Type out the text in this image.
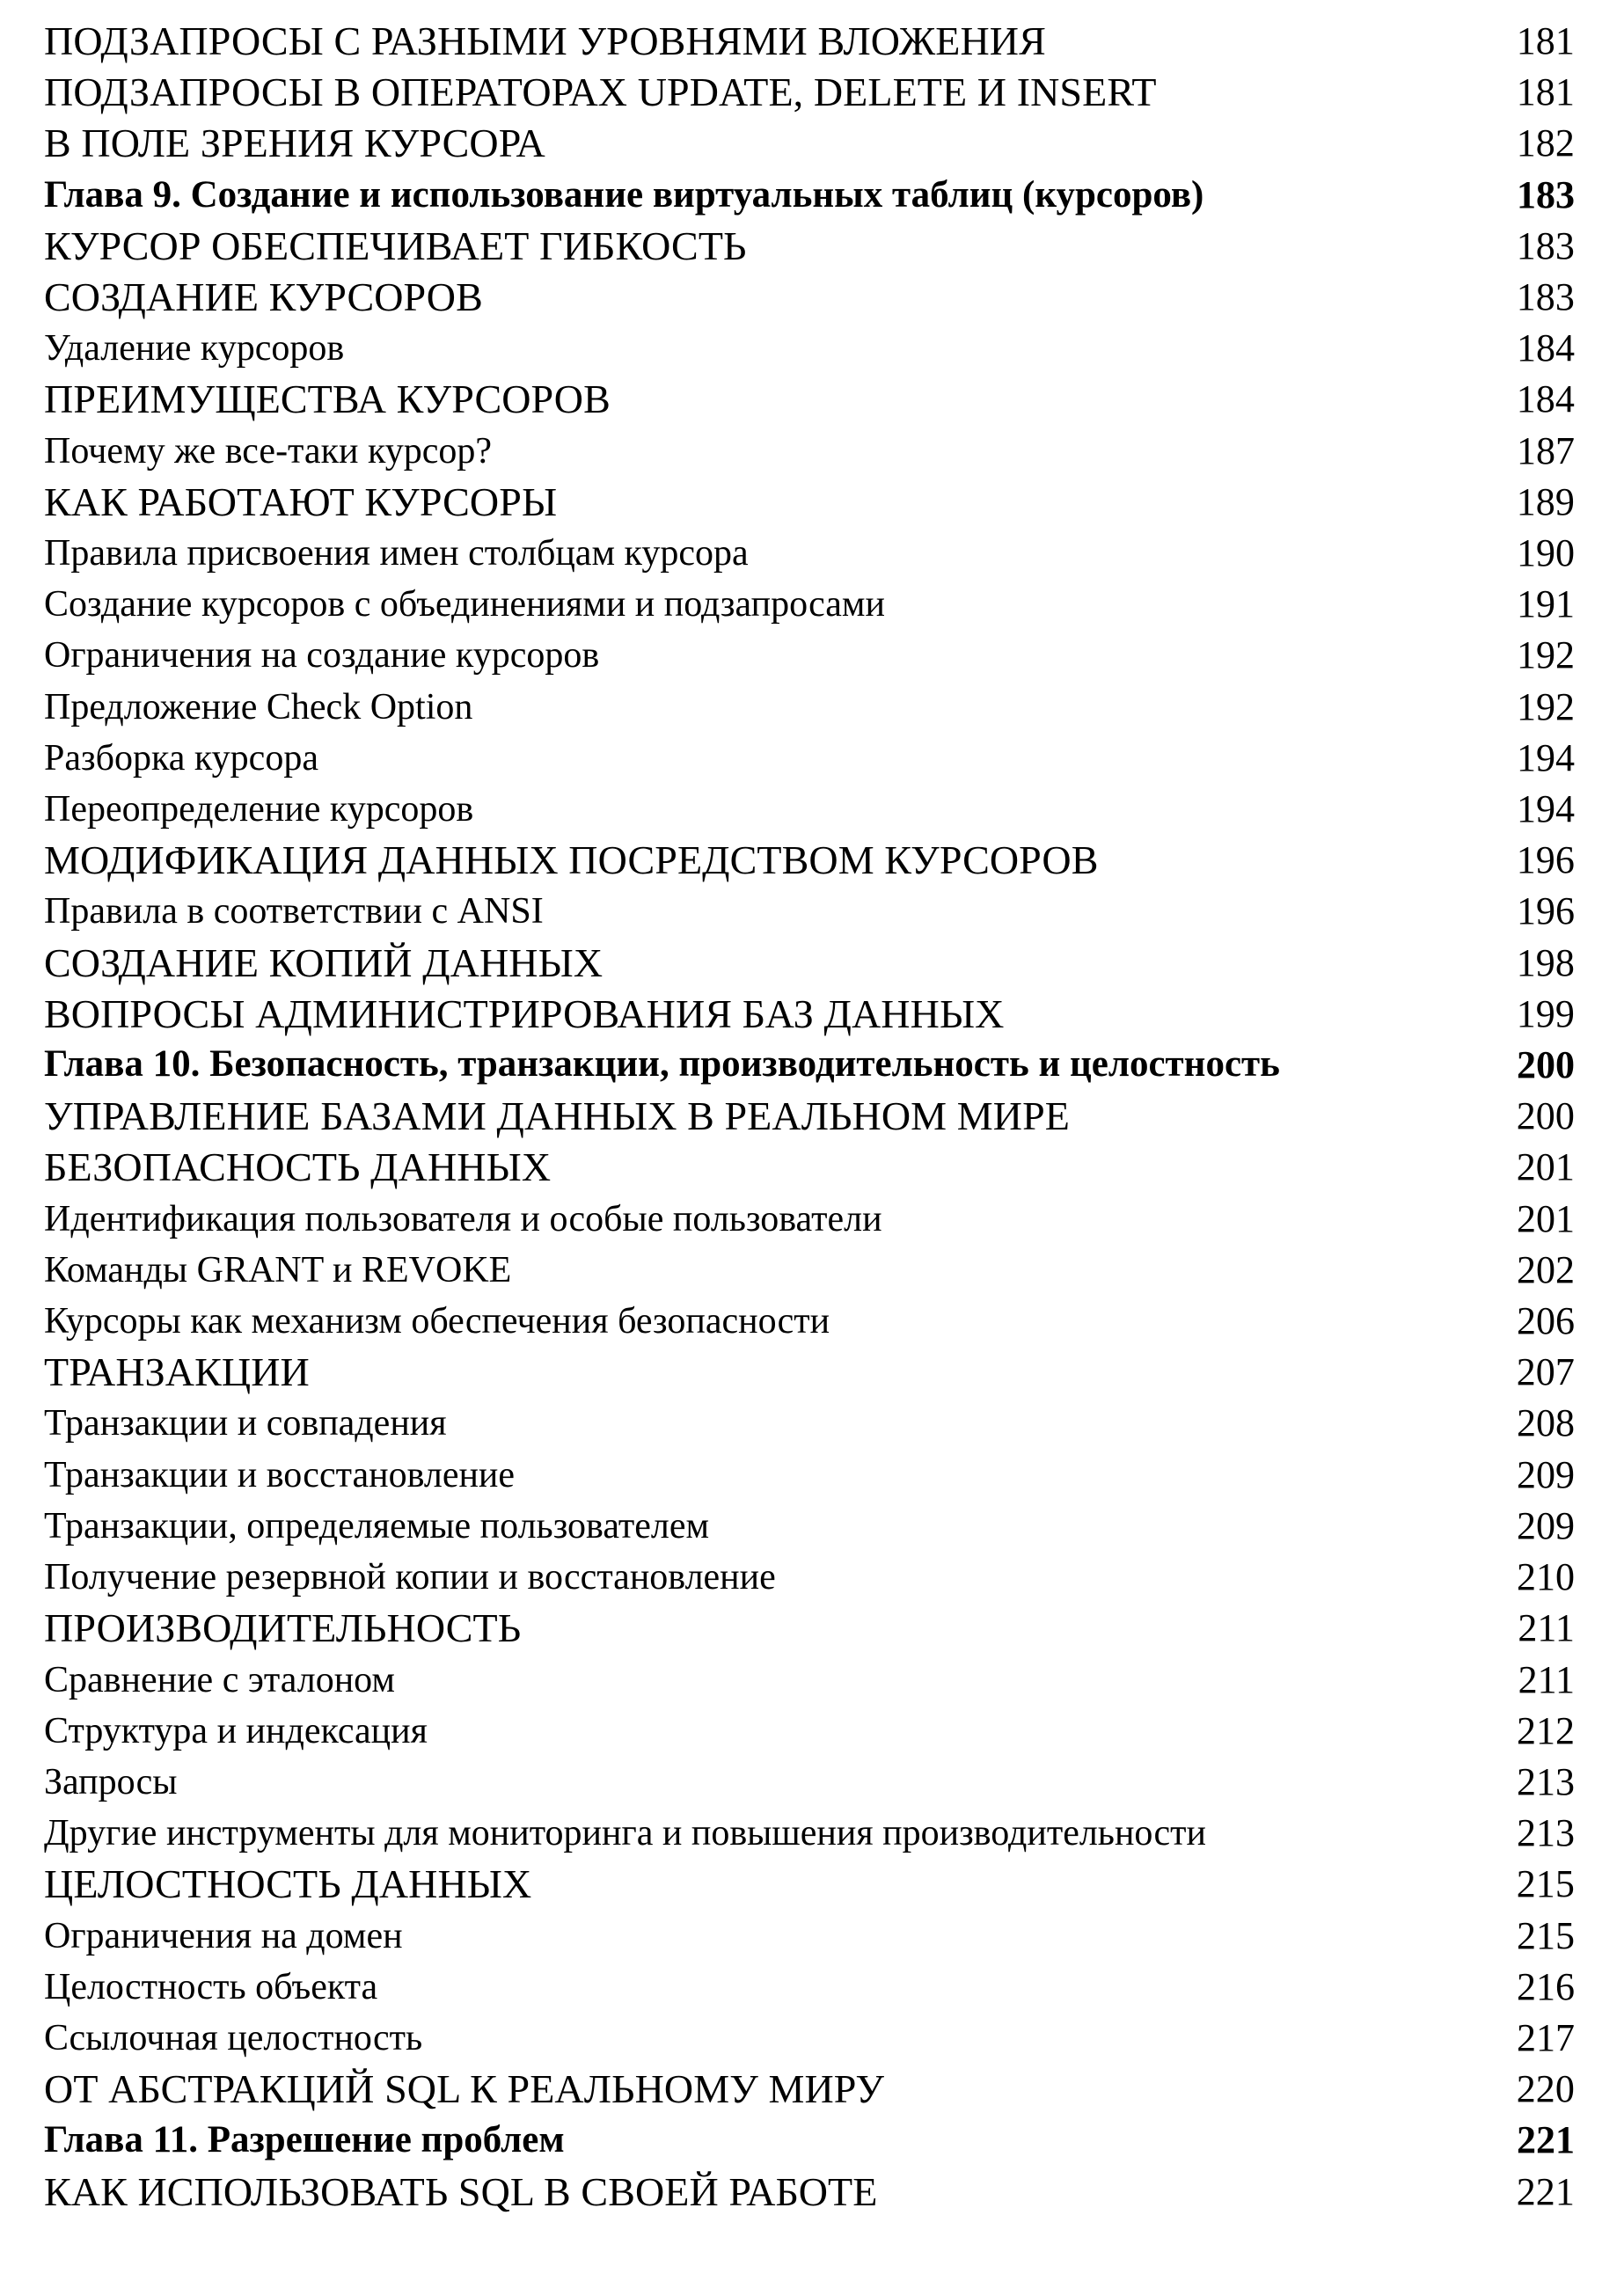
ПОДЗАПРОСЫ С РАЗНЫМИ УРОВНЯМИ ВЛОЖЕНИЯ	181
ПОДЗАПРОСЫ В ОПЕРАТОРАХ UPDATE, DELETE И INSERT	181
В ПОЛЕ ЗРЕНИЯ КУРСОРА	182
Глава 9. Создание и использование виртуальных таблиц (курсоров)	183
КУРСОР ОБЕСПЕЧИВАЕТ ГИБКОСТЬ	183
СОЗДАНИЕ КУРСОРОВ	183
Удаление курсоров	184
ПРЕИМУЩЕСТВА КУРСОРОВ	184
Почему же все-таки курсор?	187
КАК РАБОТАЮТ КУРСОРЫ	189
Правила присвоения имен столбцам курсора	190
Создание курсоров с объединениями и подзапросами	191
Ограничения на создание курсоров	192
Предложение Check Option	192
Разборка курсора	194
Переопределение курсоров	194
МОДИФИКАЦИЯ ДАННЫХ ПОСРЕДСТВОМ КУРСОРОВ	196
Правила в соответствии с ANSI	196
СОЗДАНИЕ КОПИЙ ДАННЫХ	198
ВОПРОСЫ АДМИНИСТРИРОВАНИЯ БАЗ ДАННЫХ	199
Глава 10. Безопасность, транзакции, производительность и целостность	200
УПРАВЛЕНИЕ БАЗАМИ ДАННЫХ В РЕАЛЬНОМ МИРЕ	200
БЕЗОПАСНОСТЬ ДАННЫХ	201
Идентификация пользователя и особые пользователи	201
Команды GRANT и REVOKE	202
Курсоры как механизм обеспечения безопасности	206
ТРАНЗАКЦИИ	207
Транзакции и совпадения	208
Транзакции и восстановление	209
Транзакции, определяемые пользователем	209
Получение резервной копии и восстановление	210
ПРОИЗВОДИТЕЛЬНОСТЬ	211
Сравнение с эталоном	211
Структура и индексация	212
Запросы	213
Другие инструменты для мониторинга и повышения производительности	213
ЦЕЛОСТНОСТЬ ДАННЫХ	215
Ограничения на домен	215
Целостность объекта	216
Ссылочная целостность	217
ОТ АБСТРАКЦИЙ SQL К РЕАЛЬНОМУ МИРУ	220
Глава 11. Разрешение проблем	221
КАК ИСПОЛЬЗОВАТЬ SQL В СВОЕЙ РАБОТЕ	221
